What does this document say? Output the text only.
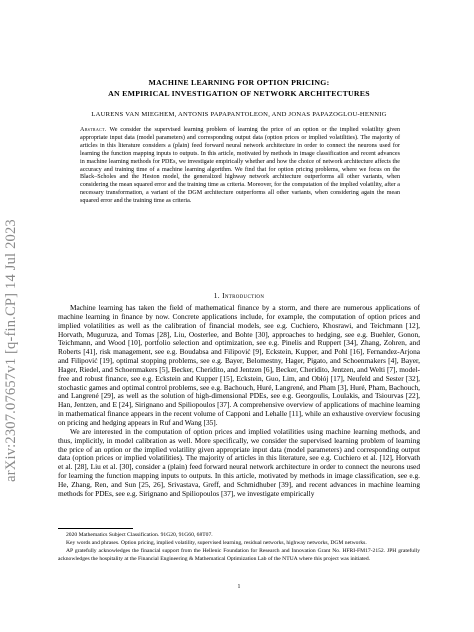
arXiv:2307.07657v1 [q-fin.CP] 14 Jul 2023
MACHINE LEARNING FOR OPTION PRICING:
AN EMPIRICAL INVESTIGATION OF NETWORK ARCHITECTURES
LAURENS VAN MIEGHEM, ANTONIS PAPAPANTOLEON, AND JONAS PAPAZOGLOU-HENNIG
Abstract. We consider the supervised learning problem of learning the price of an option or the implied volatility given appropriate input data (model parameters) and corresponding output data (option prices or implied volatilities). The majority of articles in this literature considers a (plain) feed forward neural network architecture in order to connect the neurons used for learning the function mapping inputs to outputs. In this article, motivated by methods in image classification and recent advances in machine learning methods for PDEs, we investigate empirically whether and how the choice of network architecture affects the accuracy and training time of a machine learning algorithm. We find that for option pricing problems, where we focus on the Black–Scholes and the Heston model, the generalized highway network architecture outperforms all other variants, when considering the mean squared error and the training time as criteria. Moreover, for the computation of the implied volatility, after a necessary transformation, a variant of the DGM architecture outperforms all other variants, when considering again the mean squared error and the training time as criteria.
1. Introduction

Machine learning has taken the field of mathematical finance by a storm, and there are numerous applications of machine learning in finance by now. Concrete applications include, for example, the computation of option prices and implied volatilities as well as the calibration of financial models, see e.g. Cuchiero, Khosrawi, and Teichmann [12], Horvath, Muguruza, and Tomas [28], Liu, Oosterlee, and Bohte [30], approaches to hedging, see e.g. Buehler, Gonon, Teichmann, and Wood [10], portfolio selection and optimization, see e.g. Pinelis and Ruppert [34], Zhang, Zohren, and Roberts [41], risk management, see e.g. Boudabsa and Filipović [9], Eckstein, Kupper, and Pohl [16], Fernandez-Arjona and Filipović [19], optimal stopping problems, see e.g. Bayer, Belomestny, Hager, Pigato, and Schoenmakers [4], Bayer, Hager, Riedel, and Schoenmakers [5], Becker, Cheridito, and Jentzen [6], Becker, Cheridito, Jentzen, and Welti [7], model-free and robust finance, see e.g. Eckstein and Kupper [15], Eckstein, Guo, Lim, and Obłój [17], Neufeld and Sester [32], stochastic games and optimal control problems, see e.g. Bachouch, Huré, Langrené, and Pham [3], Huré, Pham, Bachouch, and Langrené [29], as well as the solution of high-dimensional PDEs, see e.g. Georgoulis, Loulakis, and Tsiourvas [22], Han, Jentzen, and E [24], Sirignano and Spiliopoulos [37]. A comprehensive overview of applications of machine learning in mathematical finance appears in the recent volume of Capponi and Lehalle [11], while an exhaustive overview focusing on pricing and hedging appears in Ruf and Wang [35].

We are interested in the computation of option prices and implied volatilities using machine learning methods, and thus, implicitly, in model calibration as well. More specifically, we consider the supervised learning problem of learning the price of an option or the implied volatility given appropriate input data (model parameters) and corresponding output data (option prices or implied volatilities). The majority of articles in this literature, see e.g. Cuchiero et al. [12], Horvath et al. [28], Liu et al. [30], consider a (plain) feed forward neural network architecture in order to connect the neurons used for learning the function mapping inputs to outputs. In this article, motivated by methods in image classification, see e.g. He, Zhang, Ren, and Sun [25, 26], Srivastava, Greff, and Schmidhuber [39], and recent advances in machine learning methods for PDEs, see e.g. Sirignano and Spiliopoulos [37], we investigate empirically

2020 Mathematics Subject Classification. 91G20, 91G60, 68T07.

Key words and phrases. Option pricing, implied volatility, supervised learning, residual networks, highway networks, DGM networks.

AP gratefully acknowledges the financial support from the Hellenic Foundation for Research and Innovation Grant No. HFRI-FM17-2152. JPH gratefully acknowledges the hospitality at the Financial Engineering & Mathematical Optimization Lab of the NTUA where this project was initiated.

1
